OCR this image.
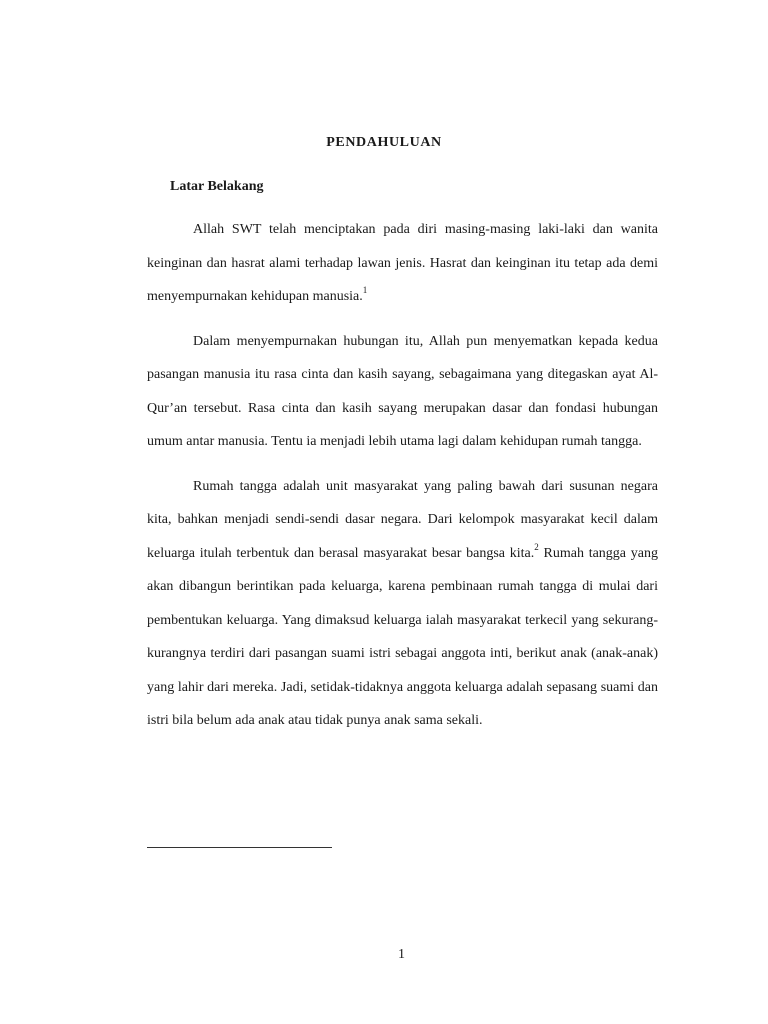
PENDAHULUAN
Latar Belakang

Allah SWT telah menciptakan pada diri masing-masing laki-laki dan wanita keinginan dan hasrat alami terhadap lawan jenis. Hasrat dan keinginan itu tetap ada demi menyempurnakan kehidupan manusia.$^1$

Dalam menyempurnakan hubungan itu, Allah pun menyematkan kepada kedua pasangan manusia itu rasa cinta dan kasih sayang, sebagaimana yang ditegaskan ayat Al-Qur’an tersebut. Rasa cinta dan kasih sayang merupakan dasar dan fondasi hubungan umum antar manusia. Tentu ia menjadi lebih utama lagi dalam kehidupan rumah tangga.

Rumah tangga adalah unit masyarakat yang paling bawah dari susunan negara kita, bahkan menjadi sendi-sendi dasar negara. Dari kelompok masyarakat kecil dalam keluarga itulah terbentuk dan berasal masyarakat besar bangsa kita.$^2$ Rumah tangga yang akan dibangun berintikan pada keluarga, karena pembinaan rumah tangga di mulai dari pembentukan keluarga. Yang dimaksud keluarga ialah masyarakat terkecil yang sekurang-kurangnya terdiri dari pasangan suami istri sebagai anggota inti, berikut anak (anak-anak) yang lahir dari mereka. Jadi, setidak-tidaknya anggota keluarga adalah sepasang suami dan istri bila belum ada anak atau tidak punya anak sama sekali.

1
